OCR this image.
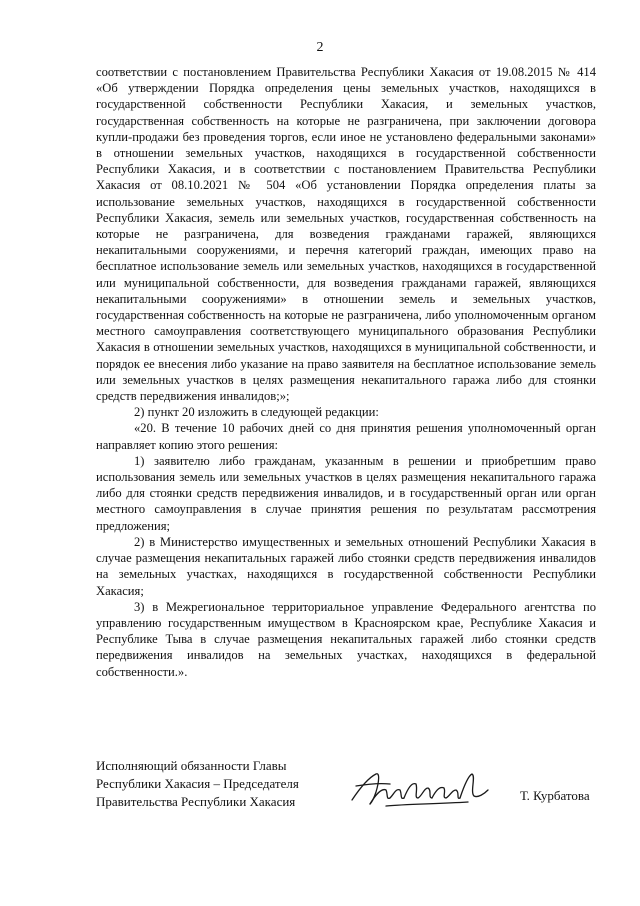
2

соответствии с постановлением Правительства Республики Хакасия от 19.08.2015 № 414 «Об утверждении Порядка определения цены земельных участков, находящихся в государственной собственности Республики Хакасия, и земельных участков, государственная собственность на которые не разграничена, при заключении договора купли-продажи без проведения торгов, если иное не установлено федеральными законами» в отношении земельных участков, находящихся в государственной собственности Республики Хакасия, и в соответствии с постановлением Правительства Республики Хакасия от 08.10.2021 № 504 «Об установлении Порядка определения платы за использование земельных участков, находящихся в государственной собственности Республики Хакасия, земель или земельных участков, государственная собственность на которые не разграничена, для возведения гражданами гаражей, являющихся некапитальными сооружениями, и перечня категорий граждан, имеющих право на бесплатное использование земель или земельных участков, находящихся в государственной или муниципальной собственности, для возведения гражданами гаражей, являющихся некапитальными сооружениями» в отношении земель и земельных участков, государственная собственность на которые не разграничена, либо уполномоченным органом местного самоуправления соответствующего муниципального образования Республики Хакасия в отношении земельных участков, находящихся в муниципальной собственности, и порядок ее внесения либо указание на право заявителя на бесплатное использование земель или земельных участков в целях размещения некапитального гаража либо для стоянки средств передвижения инвалидов;»;

2) пункт 20 изложить в следующей редакции:

«20. В течение 10 рабочих дней со дня принятия решения уполномоченный орган направляет копию этого решения:

1) заявителю либо гражданам, указанным в решении и приобретшим право использования земель или земельных участков в целях размещения некапитального гаража либо для стоянки средств передвижения инвалидов, и в государственный орган или орган местного самоуправления в случае принятия решения по результатам рассмотрения предложения;

2) в Министерство имущественных и земельных отношений Республики Хакасия в случае размещения некапитальных гаражей либо стоянки средств передвижения инвалидов на земельных участках, находящихся в государственной собственности Республики Хакасия;

3) в Межрегиональное территориальное управление Федерального агентства по управлению государственным имуществом в Красноярском крае, Республике Хакасия и Республике Тыва в случае размещения некапитальных гаражей либо стоянки средств передвижения инвалидов на земельных участках, находящихся в федеральной собственности.».

Исполняющий обязанности Главы
Республики Хакасия – Председателя
Правительства Республики Хакасия	Т. Курбатова
